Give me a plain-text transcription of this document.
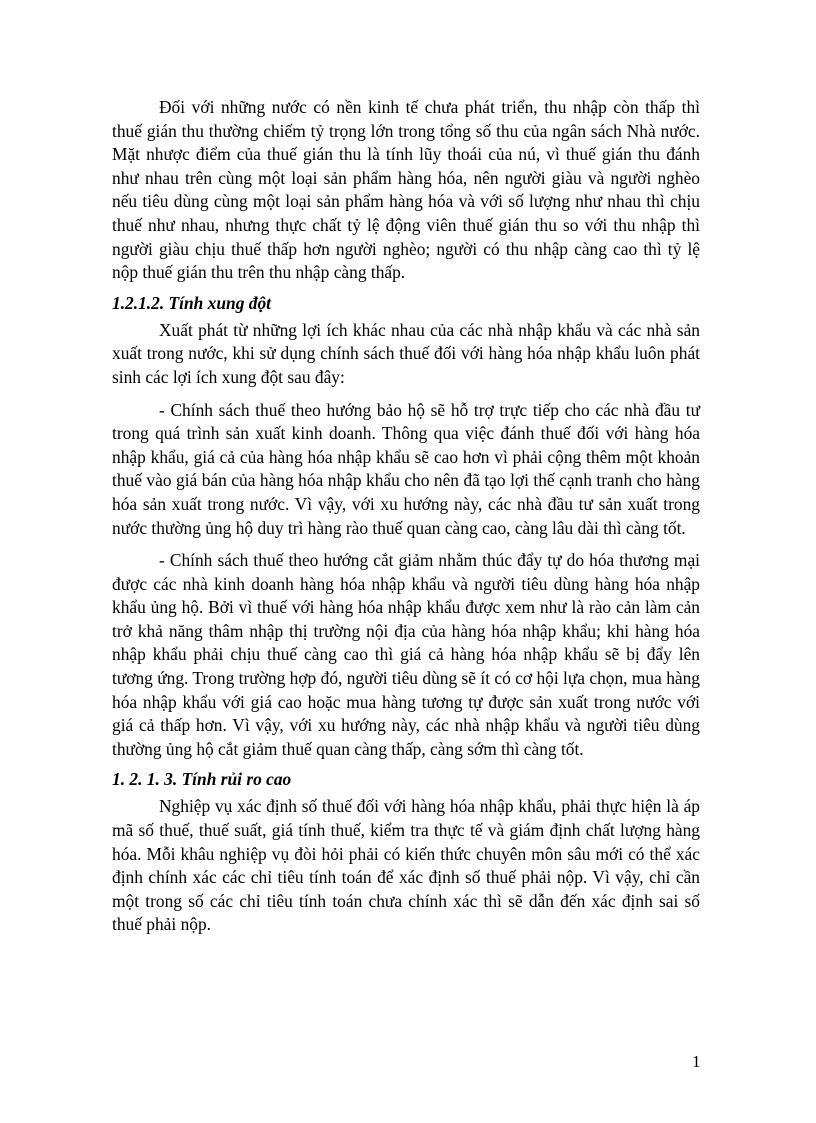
Đối với những nước có nền kinh tế chưa phát triển, thu nhập còn thấp thì thuế gián thu thường chiếm tỷ trọng lớn trong tổng số thu của ngân sách Nhà nước. Mặt nhược điểm của thuế gián thu là tính lũy thoái của nú, vì thuế gián thu đánh như nhau trên cùng một loại sản phẩm hàng hóa, nên người giàu và người nghèo nếu tiêu dùng cùng một loại sản phẩm hàng hóa và với số lượng như nhau thì chịu thuế như nhau, nhưng thực chất tỷ lệ động viên thuế gián thu so với thu nhập thì người giàu chịu thuế thấp hơn người nghèo; người có thu nhập càng cao thì tỷ lệ nộp thuế gián thu trên thu nhập càng thấp.

1.2.1.2. Tính xung đột

Xuất phát từ những lợi ích khác nhau của các nhà nhập khẩu và các nhà sản xuất trong nước, khi sử dụng chính sách thuế đối với hàng hóa nhập khẩu luôn phát sinh các lợi ích xung đột sau đây:

- Chính sách thuế theo hướng bảo hộ sẽ hỗ trợ trực tiếp cho các nhà đầu tư trong quá trình sản xuất kinh doanh. Thông qua việc đánh thuế đối với hàng hóa nhập khẩu, giá cả của hàng hóa nhập khẩu sẽ cao hơn vì phải cộng thêm một khoản thuế vào giá bán của hàng hóa nhập khẩu cho nên đã tạo lợi thế cạnh tranh cho hàng hóa sản xuất trong nước. Vì vậy, với xu hướng này, các nhà đầu tư sản xuất trong nước thường ủng hộ duy trì hàng rào thuế quan càng cao, càng lâu dài thì càng tốt.

- Chính sách thuế theo hướng cắt giảm nhằm thúc đẩy tự do hóa thương mại được các nhà kinh doanh hàng hóa nhập khẩu và người tiêu dùng hàng hóa nhập khẩu ủng hộ. Bởi vì thuế với hàng hóa nhập khẩu được xem như là rào cản làm cản trở khả năng thâm nhập thị trường nội địa của hàng hóa nhập khẩu; khi hàng hóa nhập khẩu phải chịu thuế càng cao thì giá cả hàng hóa nhập khẩu sẽ bị đẩy lên tương ứng. Trong trường hợp đó, người tiêu dùng sẽ ít có cơ hội lựa chọn, mua hàng hóa nhập khẩu với giá cao hoặc mua hàng tương tự được sản xuất trong nước với giá cả thấp hơn. Vì vậy, với xu hướng này, các nhà nhập khẩu và người tiêu dùng thường ủng hộ cắt giảm thuế quan càng thấp, càng sớm thì càng tốt.

1. 2. 1. 3. Tính rủi ro cao

Nghiệp vụ xác định số thuế đối với hàng hóa nhập khẩu, phải thực hiện là áp mã số thuế, thuế suất, giá tính thuế, kiểm tra thực tế và giám định chất lượng hàng hóa. Mỗi khâu nghiệp vụ đòi hỏi phải có kiến thức chuyên môn sâu mới có thể xác định chính xác các chỉ tiêu tính toán để xác định số thuế phải nộp. Vì vậy, chỉ cần một trong số các chỉ tiêu tính toán chưa chính xác thì sẽ dẫn đến xác định sai số thuế phải nộp.

1
